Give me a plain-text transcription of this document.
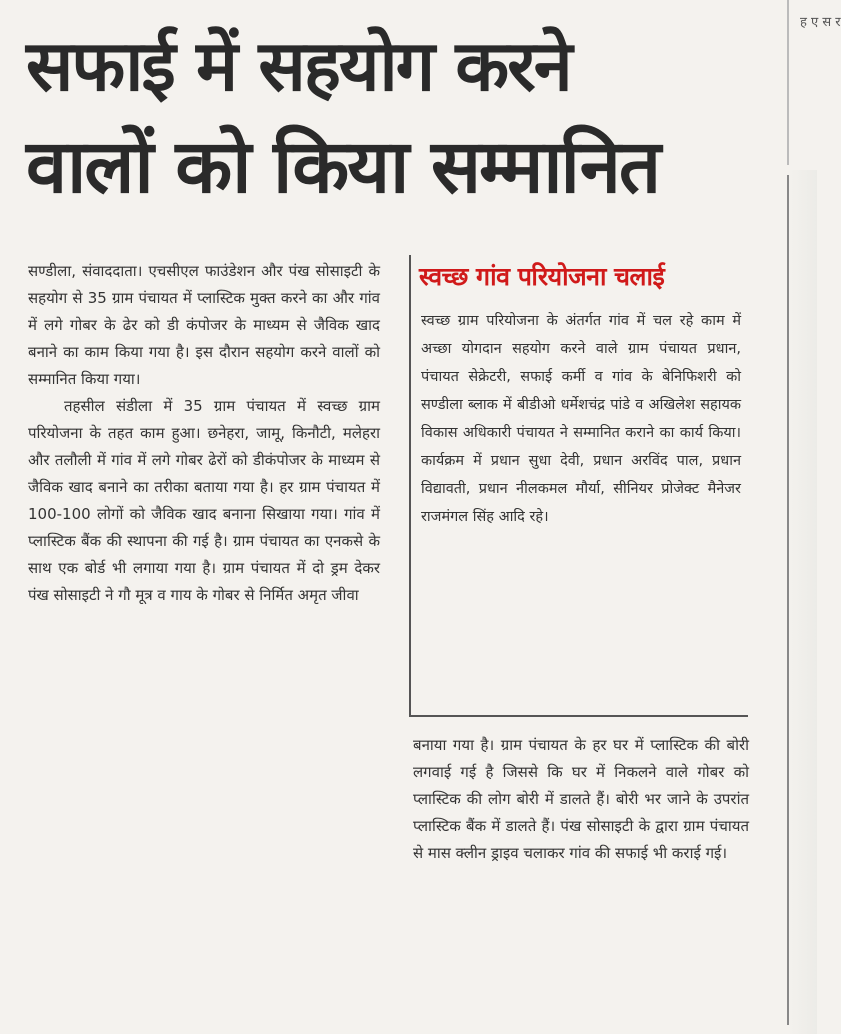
सफाई में सहयोग करने
वालों को किया सम्मानित

सण्डीला, संवाददाता। एचसीएल फाउंडेशन और पंख सोसाइटी के सहयोग से 35 ग्राम पंचायत में प्लास्टिक मुक्त करने का और गांव में लगे गोबर के ढेर को डी कंपोजर के माध्यम से जैविक खाद बनाने का काम किया गया है। इस दौरान सहयोग करने वालों को सम्मानित किया गया।

तहसील संडीला में 35 ग्राम पंचायत में स्वच्छ ग्राम परियोजना के तहत काम हुआ। छनेहरा, जामू, किनौटी, मलेहरा और तलौली में गांव में लगे गोबर ढेरों को डीकंपोजर के माध्यम से जैविक खाद बनाने का तरीका बताया गया है। हर ग्राम पंचायत में 100-100 लोगों को जैविक खाद बनाना सिखाया गया। गांव में प्लास्टिक बैंक की स्थापना की गई है। ग्राम पंचायत का एनकसे के साथ एक बोर्ड भी लगाया गया है। ग्राम पंचायत में दो ड्रम देकर पंख सोसाइटी ने गौ मूत्र व गाय के गोबर से निर्मित अमृत जीवा

स्वच्छ गांव परियोजना चलाई
स्वच्छ ग्राम परियोजना के अंतर्गत गांव में चल रहे काम में अच्छा योगदान सहयोग करने वाले ग्राम पंचायत प्रधान, पंचायत सेक्रेटरी, सफाई कर्मी व गांव के बेनिफिशरी को सण्डीला ब्लाक में बीडीओ धर्मेशचंद्र पांडे व अखिलेश सहायक विकास अधिकारी पंचायत ने सम्मानित कराने का कार्य किया। कार्यक्रम में प्रधान सुधा देवी, प्रधान अरविंद पाल, प्रधान विद्यावती, प्रधान नीलकमल मौर्या, सीनियर प्रोजेक्ट मैनेजर राजमंगल सिंह आदि रहे।

बनाया गया है। ग्राम पंचायत के हर घर में प्लास्टिक की बोरी लगवाई गई है जिससे कि घर में निकलने वाले गोबर को प्लास्टिक की लोग बोरी में डालते हैं। बोरी भर जाने के उपरांत प्लास्टिक बैंक में डालते हैं। पंख सोसाइटी के द्वारा ग्राम पंचायत से मास क्लीन ड्राइव चलाकर गांव की सफाई भी कराई गई।

ह ए स र
